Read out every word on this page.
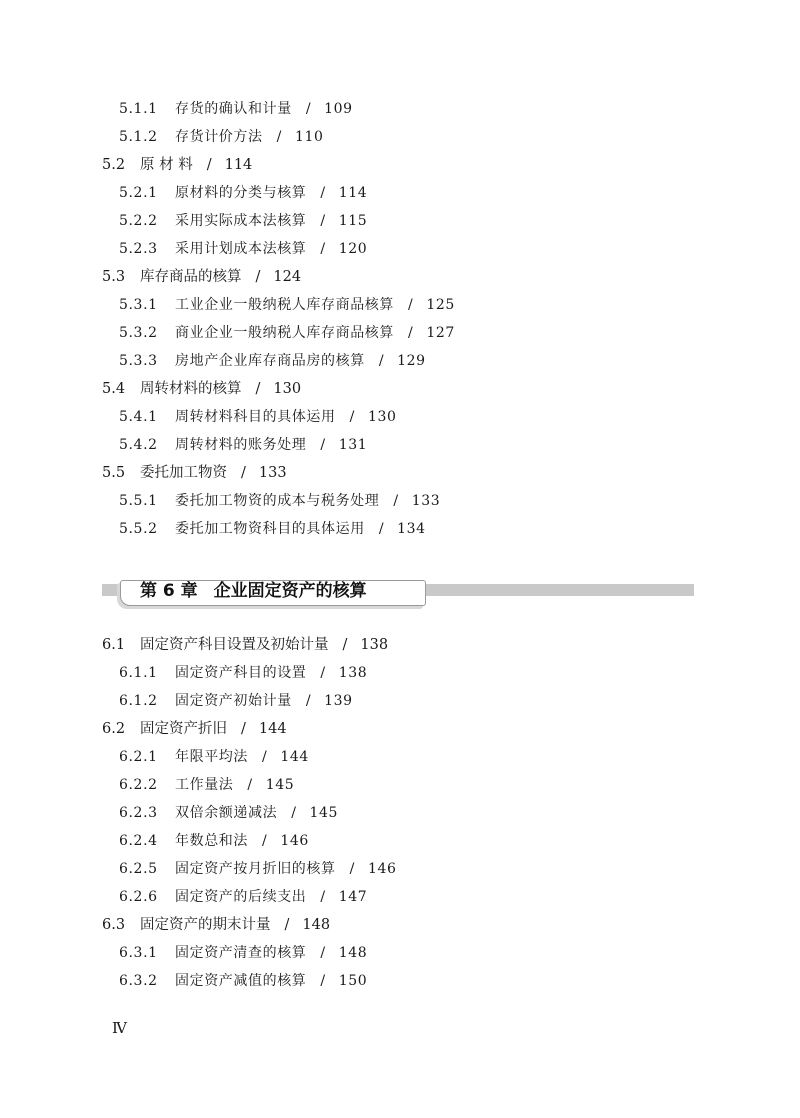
第 6 章 企业固定资产的核算
5.1.1 存货的确认和计量 / 109
5.1.2 存货计价方法 / 110
5.2 原 材 料 / 114
5.2.1 原材料的分类与核算 / 114
5.2.2 采用实际成本法核算 / 115
5.2.3 采用计划成本法核算 / 120
5.3 库存商品的核算 / 124
5.3.1 工业企业一般纳税人库存商品核算 / 125
5.3.2 商业企业一般纳税人库存商品核算 / 127
5.3.3 房地产企业库存商品房的核算 / 129
5.4 周转材料的核算 / 130
5.4.1 周转材料科目的具体运用 / 130
5.4.2 周转材料的账务处理 / 131
5.5 委托加工物资 / 133
5.5.1 委托加工物资的成本与税务处理 / 133
5.5.2 委托加工物资科目的具体运用 / 134
6.1 固定资产科目设置及初始计量 / 138
6.1.1 固定资产科目的设置 / 138
6.1.2 固定资产初始计量 / 139
6.2 固定资产折旧 / 144
6.2.1 年限平均法 / 144
6.2.2 工作量法 / 145
6.2.3 双倍余额递减法 / 145
6.2.4 年数总和法 / 146
6.2.5 固定资产按月折旧的核算 / 146
6.2.6 固定资产的后续支出 / 147
6.3 固定资产的期末计量 / 148
6.3.1 固定资产清查的核算 / 148
6.3.2 固定资产减值的核算 / 150
Ⅳ
